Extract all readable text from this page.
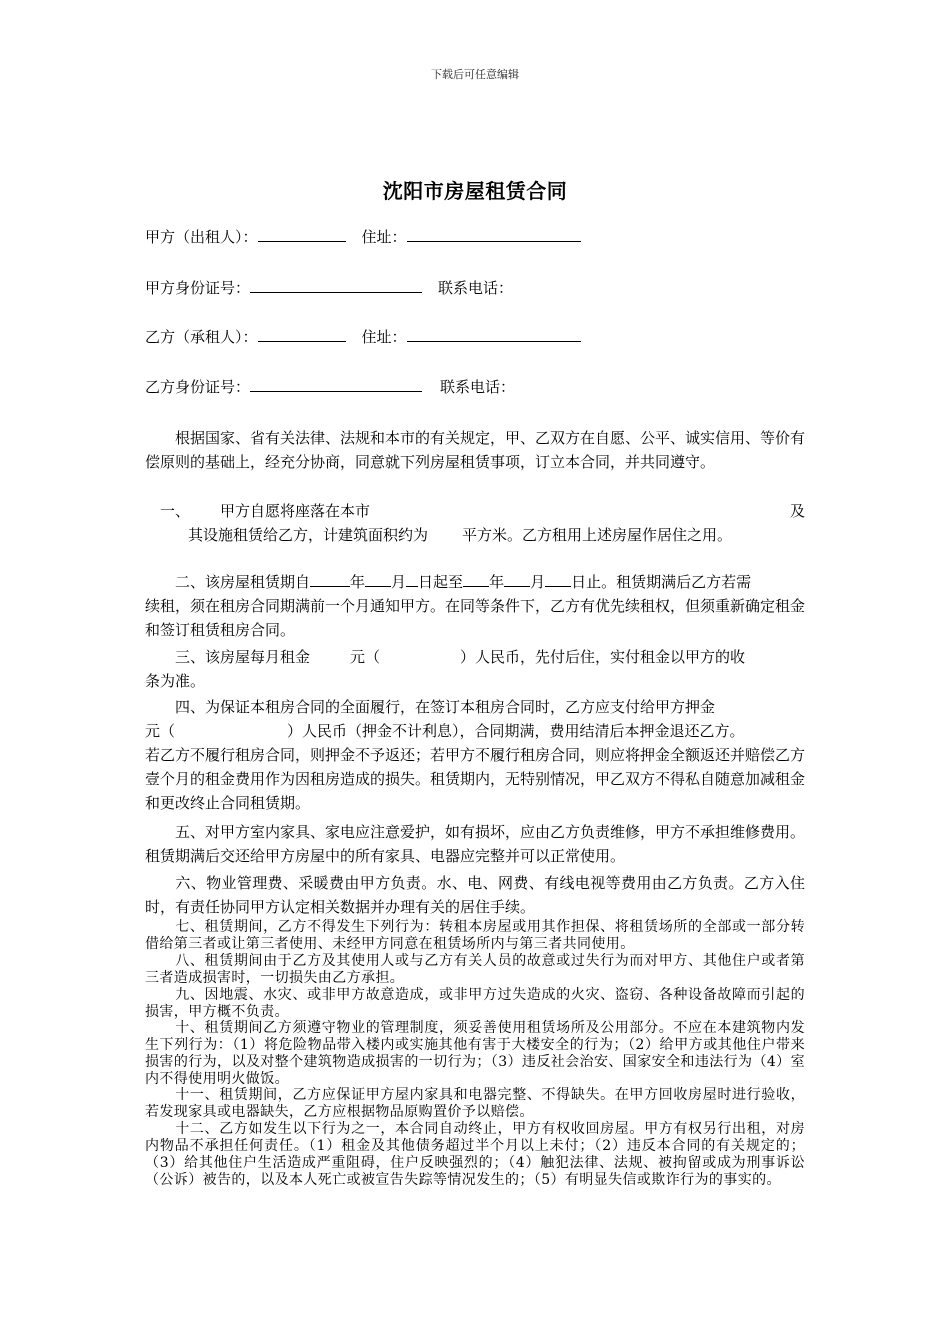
下载后可任意编辑
沈阳市房屋租赁合同
甲方（出租人）：	住址：
甲方身份证号：	联系电话：
乙方（承租人）：	住址：
乙方身份证号：	联系电话：
根据国家、省有关法律、法规和本市的有关规定，甲、乙双方在自愿、公平、诚实信用、等价有偿原则的基础上，经充分协商，同意就下列房屋租赁事项，订立本合同，并共同遵守。
一、 甲方自愿将座落在本市	及
其设施租赁给乙方，计建筑面积约为 平方米。乙方租用上述房屋作居住之用。
二、该房屋租赁期自	年 月 日起至 年 月 日止。租赁期满后乙方若需
续租，须在租房合同期满前一个月通知甲方。在同等条件下，乙方有优先续租权，但须重新确定租金和签订租赁租房合同。
三、该房屋每月租金	元（	）人民币，先付后住，实付租金以甲方的收
条为准。
四、为保证本租房合同的全面履行，在签订本租房合同时，乙方应支付给甲方押金
元（	）人民币（押金不计利息），合同期满，费用结清后本押金退还乙方。
若乙方不履行租房合同，则押金不予返还；若甲方不履行租房合同，则应将押金全额返还并赔偿乙方壹个月的租金费用作为因租房造成的损失。租赁期内，无特别情况，甲乙双方不得私自随意加减租金和更改终止合同租赁期。
五、对甲方室内家具、家电应注意爱护，如有损坏，应由乙方负责维修，甲方不承担维修费用。租赁期满后交还给甲方房屋中的所有家具、电器应完整并可以正常使用。
六、物业管理费、采暖费由甲方负责。水、电、网费、有线电视等费用由乙方负责。乙方入住时，有责任协同甲方认定相关数据并办理有关的居住手续。
七、租赁期间，乙方不得发生下列行为：转租本房屋或用其作担保、将租赁场所的全部或一部分转借给第三者或让第三者使用、未经甲方同意在租赁场所内与第三者共同使用。
八、租赁期间由于乙方及其使用人或与乙方有关人员的故意或过失行为而对甲方、其他住户或者第三者造成损害时，一切损失由乙方承担。
九、因地震、水灾、或非甲方故意造成，或非甲方过失造成的火灾、盗窃、各种设备故障而引起的损害，甲方概不负责。
十、租赁期间乙方须遵守物业的管理制度，须妥善使用租赁场所及公用部分。不应在本建筑物内发生下列行为：（1）将危险物品带入楼内或实施其他有害于大楼安全的行为；（2）给甲方或其他住户带来损害的行为，以及对整个建筑物造成损害的一切行为；（3）违反社会治安、国家安全和违法行为（4）室内不得使用明火做饭。
十一、租赁期间，乙方应保证甲方屋内家具和电器完整、不得缺失。在甲方回收房屋时进行验收，若发现家具或电器缺失，乙方应根据物品原购置价予以赔偿。
十二、乙方如发生以下行为之一，本合同自动终止，甲方有权收回房屋。甲方有权另行出租，对房内物品不承担任何责任。（1）租金及其他债务超过半个月以上未付；（2）违反本合同的有关规定的；（3）给其他住户生活造成严重阻碍，住户反映强烈的；（4）触犯法律、法规、被拘留或成为刑事诉讼（公诉）被告的，以及本人死亡或被宣告失踪等情况发生的；（5）有明显失信或欺诈行为的事实的。
